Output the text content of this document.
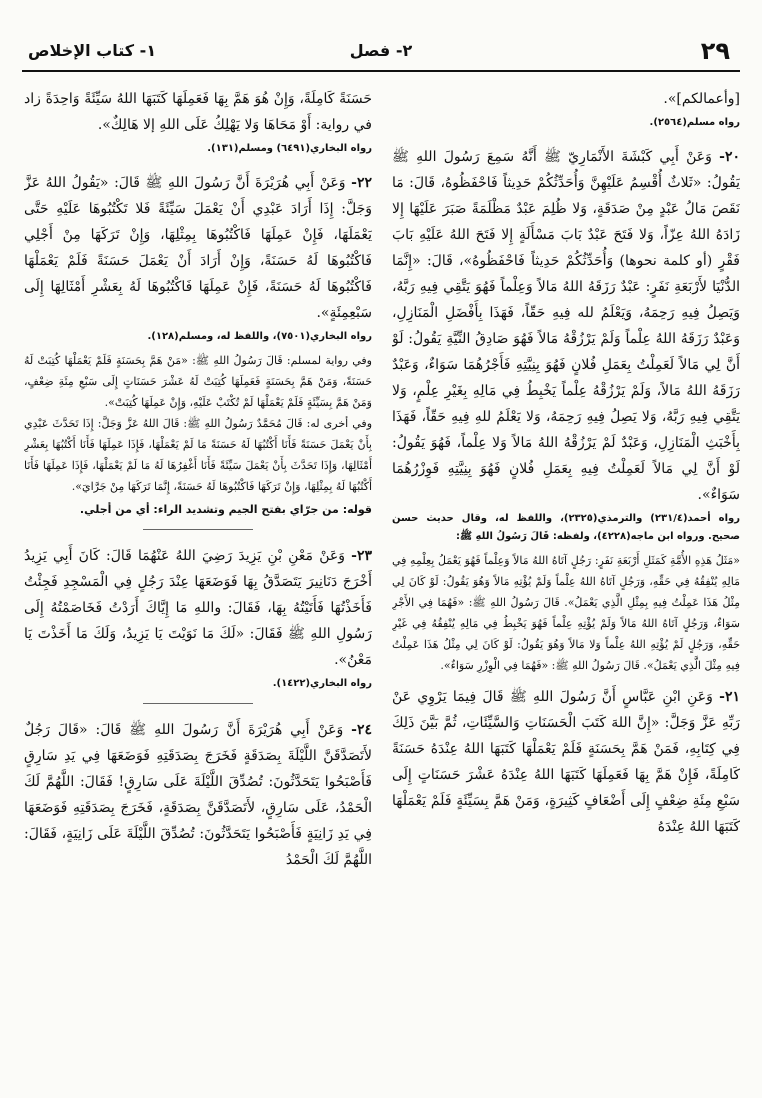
٢٩
٢- فصل
١- كتاب الإخلاص

[وأعمالكم]».

رواه مسلم(٢٥٦٤).

٢٠- وَعَنْ أَبِي كَبْشَةَ الأَنْمَارِيّ ﷺ أَنَّهُ سَمِعَ رَسُولَ اللهِ ﷺ يَقُولُ: «ثَلاثٌ أُقْسِمُ عَلَيْهِنَّ وَأُحَدِّثُكُمْ حَدِيثاً فَاحْفَظُوهُ، قَالَ: مَا نَقَصَ مَالُ عَبْدٍ مِنْ صَدَقَةٍ، وَلا ظُلِمَ عَبْدٌ مَظْلَمَةً صَبَرَ عَلَيْهَا إِلا زَادَهُ اللهُ عِزّاً، وَلا فَتَحَ عَبْدٌ بَابَ مَسْأَلَةٍ إِلا فَتَحَ اللهُ عَلَيْهِ بَابَ فَقْرٍ (أو كلمة نحوها) وَأُحَدِّثُكُمْ حَدِيثاً فَاحْفَظُوهُ»، قَالَ: «إِنَّمَا الدُّنْيَا لأَرْبَعَةِ نَفَرٍ: عَبْدٌ رَزَقَهُ اللهُ مَالاً وَعِلْماً فَهُوَ يَتَّقِي فِيهِ رَبَّهُ، وَيَصِلُ فِيهِ رَحِمَهُ، وَيَعْلَمُ لله فِيهِ حَقّاً، فَهَذَا بِأَفْضَلِ الْمَنَازِلِ، وَعَبْدٌ رَزَقَهُ اللهُ عِلْماً وَلَمْ يَرْزُقْهُ مَالاً فَهُوَ صَادِقُ النِّيَّةِ يَقُولُ: لَوْ أَنَّ لِي مَالاً لَعَمِلْتُ بِعَمَلِ فُلانٍ فَهُوَ بِنِيَّتِهِ فَأَجْرُهُمَا سَوَاءٌ، وَعَبْدٌ رَزَقَهُ اللهُ مَالاً، وَلَمْ يَرْزُقْهُ عِلْماً يَخْبِطُ فِي مَالِهِ بِغَيْرِ عِلْمٍ، وَلا يَتَّقِي فِيهِ رَبَّهُ، وَلا يَصِلُ فِيهِ رَحِمَهُ، وَلا يَعْلَمُ للهِ فِيهِ حَقّاً، فَهَذَا بِأَخْبَثِ الْمَنَازِلِ، وَعَبْدٌ لَمْ يَرْزُقْهُ اللهُ مَالاً وَلا عِلْماً، فَهُوَ يَقُولُ: لَوْ أَنَّ لِي مَالاً لَعَمِلْتُ فِيهِ بِعَمَلِ فُلانٍ فَهُوَ بِنِيَّتِهِ فَوِزْرُهُمَا سَوَاءٌ».

رواه أحمد(٢٣١/٤) والترمذي(٢٣٢٥)، واللفظ له، وقال حديث حسن صحيح. ورواه ابن ماجه(٤٢٢٨)، ولفظه: قَالَ رَسُولُ اللهِ ﷺ:

«مَثَلُ هَذِهِ الأُمَّةِ كَمَثَلِ أَرْبَعَةِ نَفَرٍ: رَجُلٍ آتَاهُ اللهُ مَالاً وَعِلْماً فَهُوَ يَعْمَلُ بِعِلْمِهِ فِي مَالِهِ يُنْفِقُهُ فِي حَقِّهِ، وَرَجُلٍ آتَاهُ اللهُ عِلْماً وَلَمْ يُؤْتِهِ مَالاً وَهُوَ يَقُولُ: لَوْ كَانَ لِي مِثْلُ هَذَا عَمِلْتُ فِيهِ بِمِثْلِ الَّذِي يَعْمَلُ». قَالَ رَسُولُ اللهِ ﷺ: «فَهُمَا فِي الأَجْرِ سَوَاءٌ، وَرَجُلٍ آتَاهُ اللهُ مَالاً وَلَمْ يُؤْتِهِ عِلْماً فَهُوَ يَخْبِطُ فِي مَالِهِ يُنْفِقُهُ فِي غَيْرِ حَقِّهِ، وَرَجُلٍ لَمْ يُؤْتِهِ اللهُ عِلْماً وَلا مَالاً وَهُوَ يَقُولُ: لَوْ كَانَ لِي مِثْلُ هَذَا عَمِلْتُ فِيهِ مِثْلَ الَّذِي يَعْمَلُ». قَالَ رَسُولُ اللهِ ﷺ: «فَهُمَا فِي الْوِزْرِ سَوَاءٌ».

٢١- وَعَنِ ابْنِ عَبَّاسٍ أَنَّ رَسُولَ اللهِ ﷺ قَالَ فِيمَا يَرْوِي عَنْ رَبِّهِ عَزَّ وَجَلَّ: «إِنَّ اللهَ كَتَبَ الْحَسَنَاتِ وَالسَّيِّئَاتِ، ثُمَّ بَيَّنَ ذَلِكَ فِي كِتَابِهِ، فَمَنْ هَمَّ بِحَسَنَةٍ فَلَمْ يَعْمَلْهَا كَتَبَهَا اللهُ عِنْدَهُ حَسَنَةً كَامِلَةً، فَإِنْ هَمَّ بِهَا فَعَمِلَهَا كَتَبَهَا اللهُ عِنْدَهُ عَشْرَ حَسَنَاتٍ إِلَى سَبْعِ مِئَةِ ضِعْفٍ إِلَى أَضْعَافٍ كَثِيرَةٍ، وَمَنْ هَمَّ بِسَيِّئَةٍ فَلَمْ يَعْمَلْهَا كَتَبَهَا اللهُ عِنْدَهُ

حَسَنَةً كَامِلَةً، وَإِنْ هُوَ هَمَّ بِهَا فَعَمِلَهَا كَتَبَهَا اللهُ سَيِّئَةً وَاحِدَةً زاد في رواية: أَوْ مَحَاهَا وَلا يَهْلِكُ عَلَى اللهِ إلا هَالِكٌ».

رواه البخاري(٦٤٩١) ومسلم(١٣١).

٢٢- وَعَنْ أَبِي هُرَيْرَةَ أَنَّ رَسُولَ اللهِ ﷺ قَالَ: «يَقُولُ اللهُ عَزَّ وَجَلَّ: إِذَا أَرَادَ عَبْدِي أَنْ يَعْمَلَ سَيِّئَةً فَلا تَكْتُبُوهَا عَلَيْهِ حَتَّى يَعْمَلَهَا، فَإِنْ عَمِلَهَا فَاكْتُبُوهَا بِمِثْلِهَا، وَإِنْ تَرَكَهَا مِنْ أَجْلِي فَاكْتُبُوهَا لَهُ حَسَنَةً، وَإِنْ أَرَادَ أَنْ يَعْمَلَ حَسَنَةً فَلَمْ يَعْمَلْهَا فَاكْتُبُوهَا لَهُ حَسَنَةً، فَإِنْ عَمِلَهَا فَاكْتُبُوهَا لَهُ بِعَشْرِ أَمْثَالِهَا إِلَى سَبْعِمِئَةٍ».

رواه البخاري(٧٥٠١)، واللفظ له، ومسلم(١٢٨).

وفي رواية لمسلم: قَالَ رَسُولُ اللهِ ﷺ: «مَنْ هَمَّ بِحَسَنَةٍ فَلَمْ يَعْمَلْهَا كُتِبَتْ لَهُ حَسَنَةً، وَمَنْ هَمَّ بِحَسَنَةٍ فَعَمِلَهَا كُتِبَتْ لَهُ عَشْرَ حَسَنَاتٍ إِلَى سَبْعِ مِئَةِ ضِعْفٍ، وَمَنْ هَمَّ بِسَيِّئَةٍ فَلَمْ يَعْمَلْهَا لَمْ تُكْتَبْ عَلَيْهِ، وَإِنْ عَمِلَهَا كُتِبَتْ».

وفي أخرى له: قَالَ مُحَمَّدٌ رَسُولُ اللهِ ﷺ: قَالَ اللهُ عَزَّ وَجَلَّ: إِذَا تَحَدَّثَ عَبْدِي بِأَنْ يَعْمَلَ حَسَنَةً فَأَنَا أَكْتُبُهَا لَهُ حَسَنَةً مَا لَمْ يَعْمَلْهَا، فَإِذَا عَمِلَهَا فَأَنَا أَكْتُبُهَا بِعَشْرِ أَمْثَالِهَا، وَإِذَا تَحَدَّثَ بِأَنْ يَعْمَلَ سَيِّئَةً فَأَنَا أَغْفِرُهَا لَهُ مَا لَمْ يَعْمَلْهَا، فَإِذَا عَمِلَهَا فَأَنَا أَكْتُبُهَا لَهُ بِمِثْلِهَا، وَإِنْ تَرَكَهَا فَاكْتُبُوهَا لَهُ حَسَنَةً، إِنَّمَا تَرَكَهَا مِنْ جَرَّايَ».

قوله: من جرّاي بفتح الجيم وتشديد الراء: أي من أجلي.

٢٣- وَعَنْ مَعْنِ بْنِ يَزِيدَ رَضِيَ اللهُ عَنْهُمَا قَالَ: كَانَ أَبِي يَزِيدُ أَخْرَجَ دَنَانِيرَ يَتَصَدَّقُ بِهَا فَوَضَعَهَا عِنْدَ رَجُلٍ فِي الْمَسْجِدِ فَجِئْتُ فَأَخَذْتُهَا فَأَتَيْتُهُ بِهَا، فَقَالَ: واللهِ مَا إِيَّاكَ أَرَدْتُ فَخَاصَمْتُهُ إِلَى رَسُولِ اللهِ ﷺ فَقَالَ: «لَكَ مَا نَوَيْتَ يَا يَزِيدُ، وَلَكَ مَا أَخَذْتَ يَا مَعْنُ».

رواه البخاري(١٤٢٢).

٢٤- وَعَنْ أَبِي هُرَيْرَةَ أَنَّ رَسُولَ اللهِ ﷺ قَالَ: «قَالَ رَجُلٌ لأَتَصَدَّقَنَّ اللَّيْلَةَ بِصَدَقَةٍ فَخَرَجَ بِصَدَقَتِهِ فَوَضَعَهَا فِي يَدِ سَارِقٍ فَأَصْبَحُوا يَتَحَدَّثُونَ: تُصُدِّقَ اللَّيْلَةَ عَلَى سَارِقٍ! فَقَالَ: اللَّهُمَّ لَكَ الْحَمْدُ، عَلَى سَارِقٍ، لأَتَصَدَّقَنَّ بِصَدَقَةٍ، فَخَرَجَ بِصَدَقَتِهِ فَوَضَعَهَا فِي يَدِ زَانِيَةٍ فَأَصْبَحُوا يَتَحَدَّثُونَ: تُصُدِّقَ اللَّيْلَةَ عَلَى زَانِيَةٍ، فَقَالَ: اللَّهُمَّ لَكَ الْحَمْدُ
